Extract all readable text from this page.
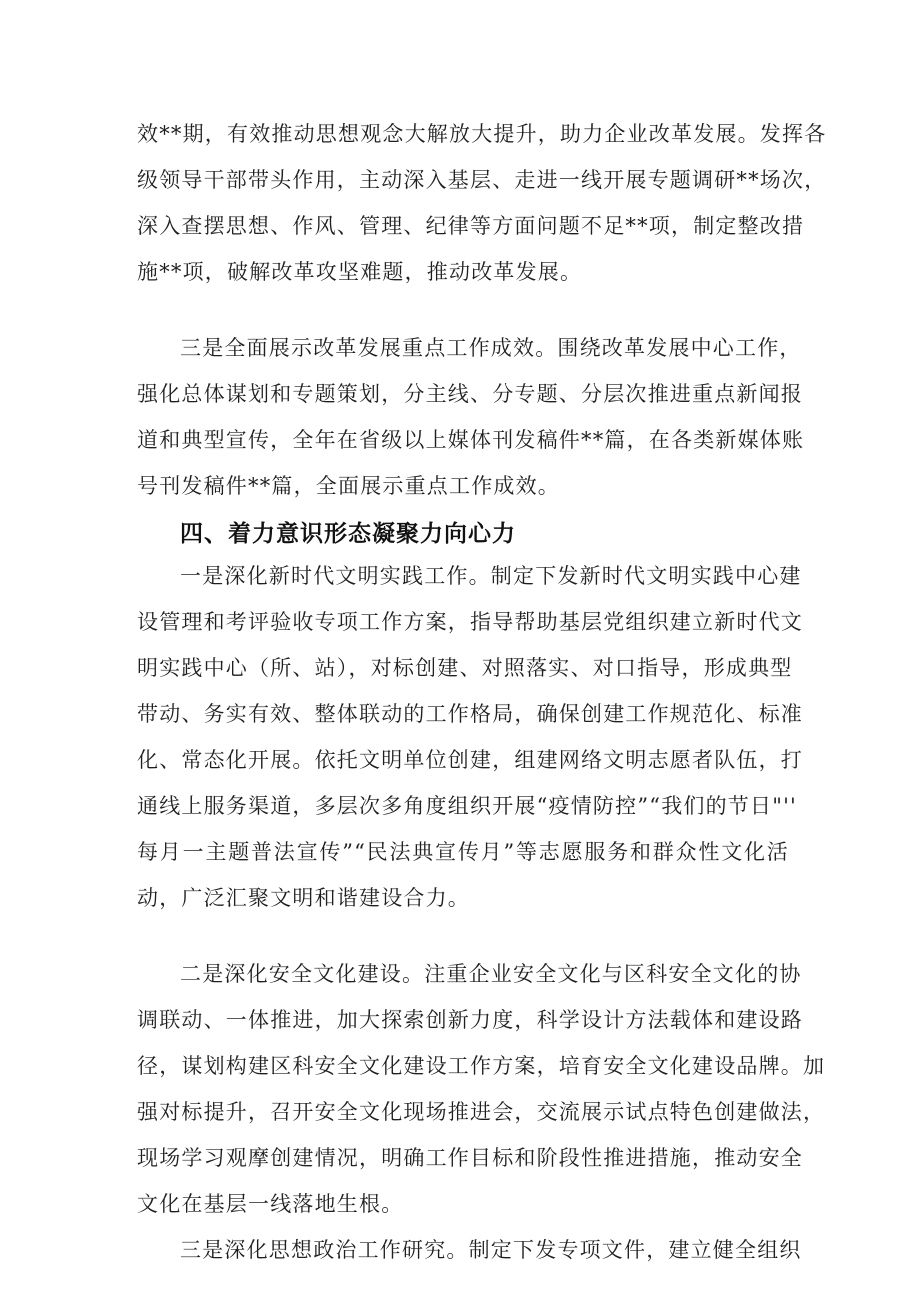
效**期，有效推动思想观念大解放大提升，助力企业改革发展。发挥各
级领导干部带头作用，主动深入基层、走进一线开展专题调研**场次，
深入查摆思想、作风、管理、纪律等方面问题不足**项，制定整改措
施**项，破解改革攻坚难题，推动改革发展。
三是全面展示改革发展重点工作成效。围绕改革发展中心工作，
强化总体谋划和专题策划，分主线、分专题、分层次推进重点新闻报
道和典型宣传，全年在省级以上媒体刊发稿件**篇，在各类新媒体账
号刊发稿件**篇，全面展示重点工作成效。
四、着力意识形态凝聚力向心力
一是深化新时代文明实践工作。制定下发新时代文明实践中心建
设管理和考评验收专项工作方案，指导帮助基层党组织建立新时代文
明实践中心（所、站），对标创建、对照落实、对口指导，形成典型
带动、务实有效、整体联动的工作格局，确保创建工作规范化、标准
化、常态化开展。依托文明单位创建，组建网络文明志愿者队伍，打
通线上服务渠道，多层次多角度组织开展“疫情防控”“我们的节日"''
每月一主题普法宣传”“民法典宣传月”等志愿服务和群众性文化活
动，广泛汇聚文明和谐建设合力。
二是深化安全文化建设。注重企业安全文化与区科安全文化的协
调联动、一体推进，加大探索创新力度，科学设计方法载体和建设路
径，谋划构建区科安全文化建设工作方案，培育安全文化建设品牌。加
强对标提升，召开安全文化现场推进会，交流展示试点特色创建做法，
现场学习观摩创建情况，明确工作目标和阶段性推进措施，推动安全
文化在基层一线落地生根。
三是深化思想政治工作研究。制定下发专项文件，建立健全组织
